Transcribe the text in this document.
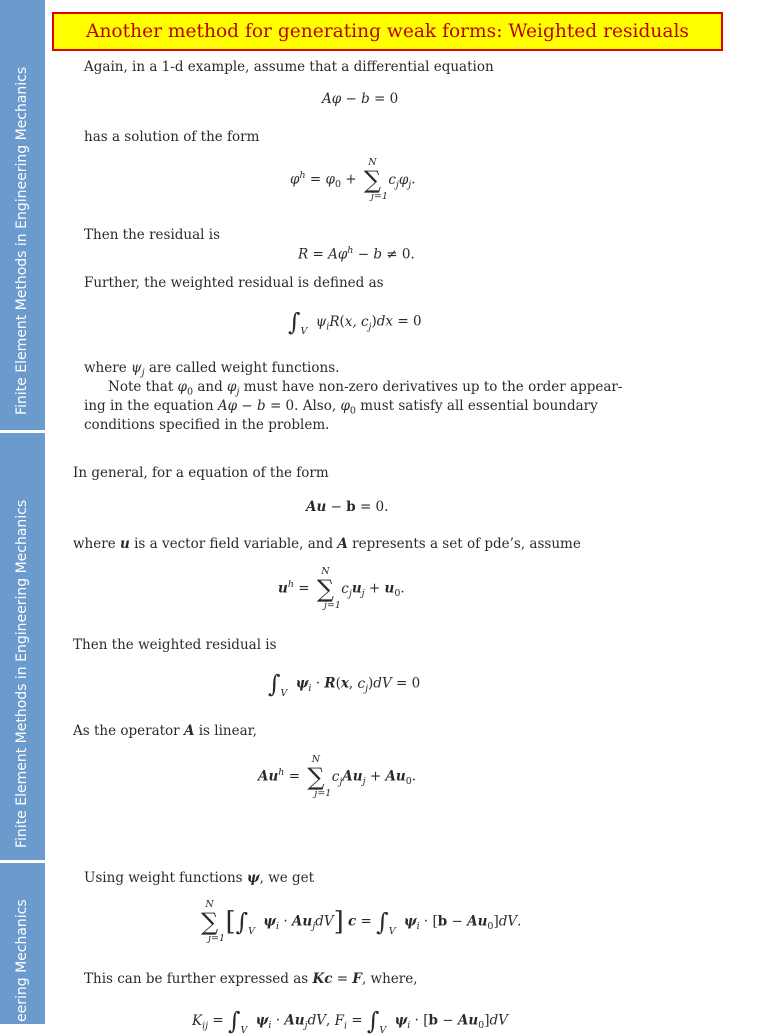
Finite Element Methods in Engineering Mechanics
Finite Element Methods in Engineering Mechanics
eering Mechanics
Another method for generating weak forms: Weighted residuals
Again, in a 1-d example, assume that a differential equation
Aφ − b = 0
has a solution of the form
$\varphi^h = \varphi_0$ +
N
∑
j =1
$c_j\varphi_j$.
Then the residual is
$R = A\varphi^h - b \ne 0$.
Further, the weighted residual is defined as
$\int_V$ $\psi_iR(x$, $c_j)dx = 0$
where $\psi_j$ are called weight functions.
Note that $\varphi_0$ and $\varphi_j$ must have non-zero derivatives up to the order appear-
ing in the equation Aφ − b = 0. Also, $\varphi_0$ must satisfy all essential boundary
conditions specified in the problem.
In general, for a equation of the form
Au − b = 0.
where u is a vector field variable, and A represents a set of pde’s, assume
$u^h$ =
N
∑
j =1
$c_ju_j + u_0$.
Then the weighted residual is
$\int_V$ $\psi_i \cdot R(x$, $c_j)dV = 0$
As the operator A is linear,
$Au^h$ =
N
∑
j =1
$c_jAu_j + Au_0$.
Using weight functions ψ, we get
N
∑
j =1
[$\int_V$ $\psi_i \cdot Au_jdV$] $c = \int_V$ $\psi_i \cdot [b - Au_0]dV$.
This can be further expressed as Kc = F, where,
$K_{ij} = \int_V$ $\psi_i \cdot Au_jdV$, $F_i = \int_V$ $\psi_i \cdot [b - Au_0]dV$
